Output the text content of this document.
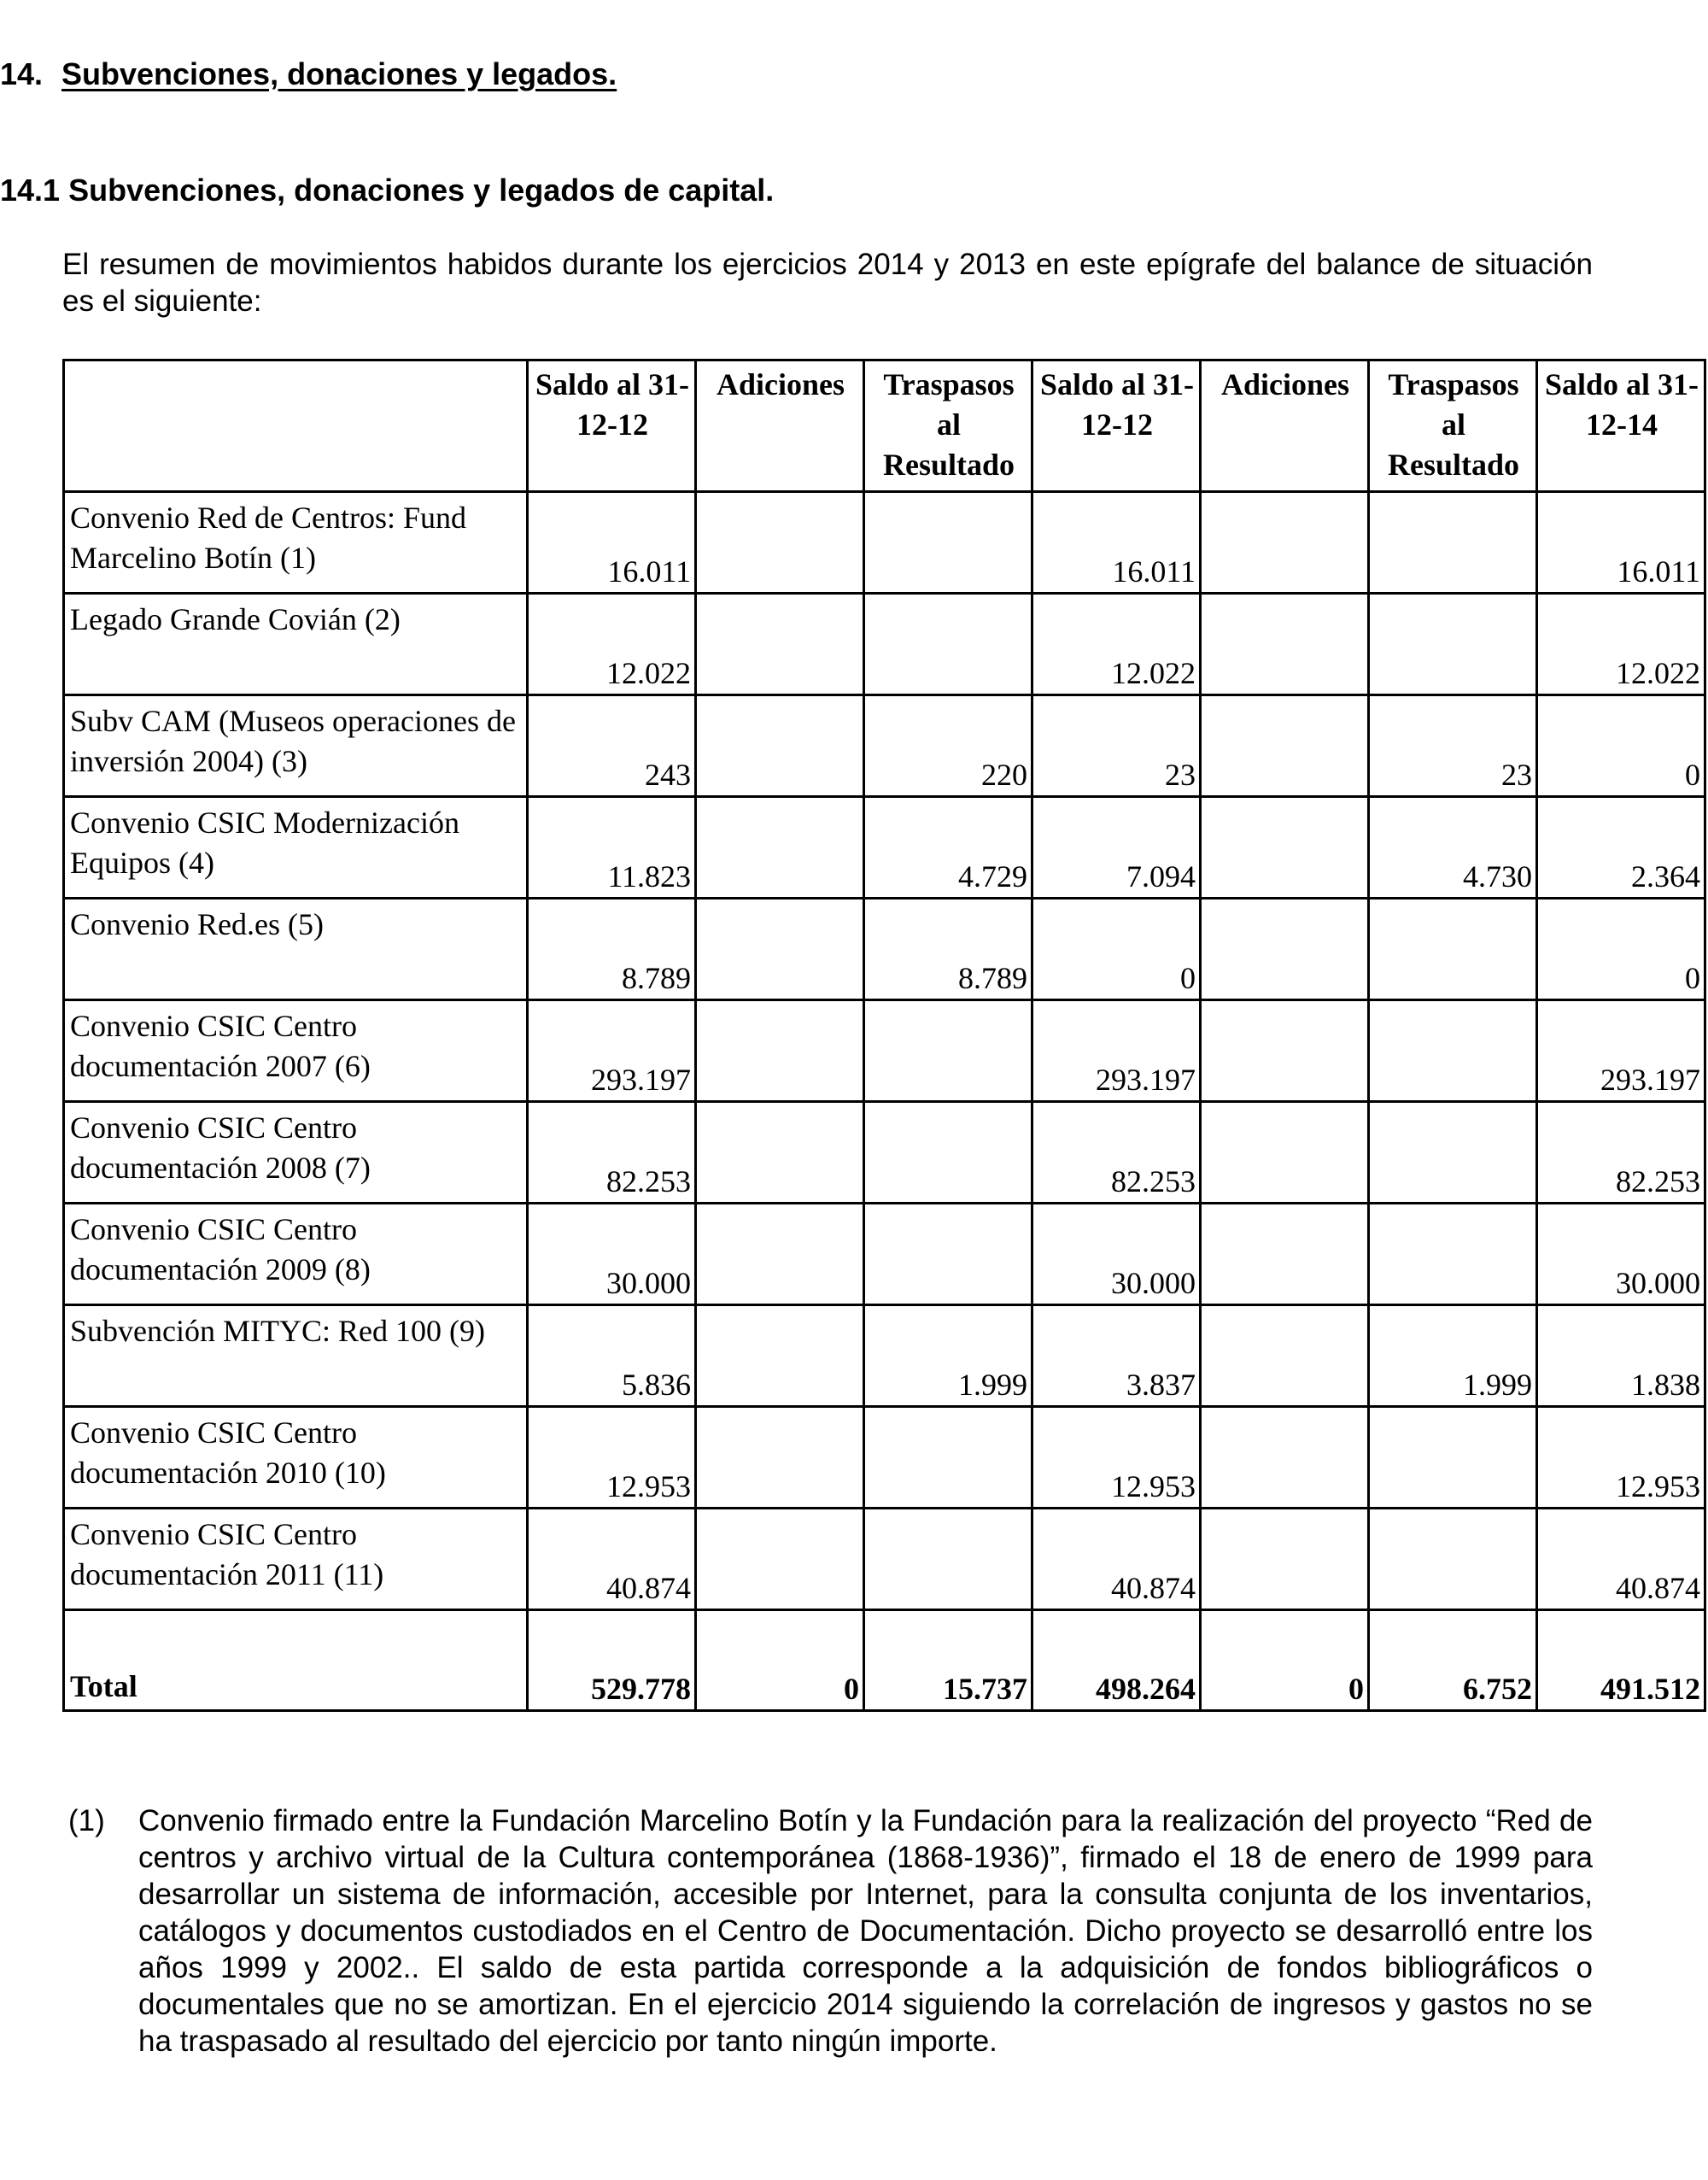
14. Subvenciones, donaciones y legados.
14.1 Subvenciones, donaciones y legados de capital.
El resumen de movimientos habidos durante los ejercicios 2014 y 2013 en este epígrafe del balance de situación es el siguiente:
	Saldo al 31-12-12	Adiciones	Traspasos al Resultado	Saldo al 31-12-12	Adiciones	Traspasos al Resultado	Saldo al 31-12-14
Convenio Red de Centros: Fund Marcelino Botín (1)	16.011			16.011			16.011
Legado Grande Covián (2)	12.022			12.022			12.022
Subv CAM (Museos operaciones de inversión 2004) (3)	243		220	23		23	0
Convenio CSIC Modernización Equipos (4)	11.823		4.729	7.094		4.730	2.364
Convenio Red.es (5)	8.789		8.789	0			0
Convenio CSIC Centro documentación 2007 (6)	293.197			293.197			293.197
Convenio CSIC Centro documentación 2008 (7)	82.253			82.253			82.253
Convenio CSIC Centro documentación 2009 (8)	30.000			30.000			30.000
Subvención MITYC: Red 100 (9)	5.836		1.999	3.837		1.999	1.838
Convenio CSIC Centro documentación 2010 (10)	12.953			12.953			12.953
Convenio CSIC Centro documentación 2011 (11)	40.874			40.874			40.874
Total	529.778	0	15.737	498.264	0	6.752	491.512
(1) Convenio firmado entre la Fundación Marcelino Botín y la Fundación para la realización del proyecto “Red de centros y archivo virtual de la Cultura contemporánea (1868-1936)”, firmado el 18 de enero de 1999 para desarrollar un sistema de información, accesible por Internet, para la consulta conjunta de los inventarios, catálogos y documentos custodiados en el Centro de Documentación. Dicho proyecto se desarrolló entre los años 1999 y 2002.. El saldo de esta partida corresponde a la adquisición de fondos bibliográficos o documentales que no se amortizan. En el ejercicio 2014 siguiendo la correlación de ingresos y gastos no se ha traspasado al resultado del ejercicio por tanto ningún importe.
